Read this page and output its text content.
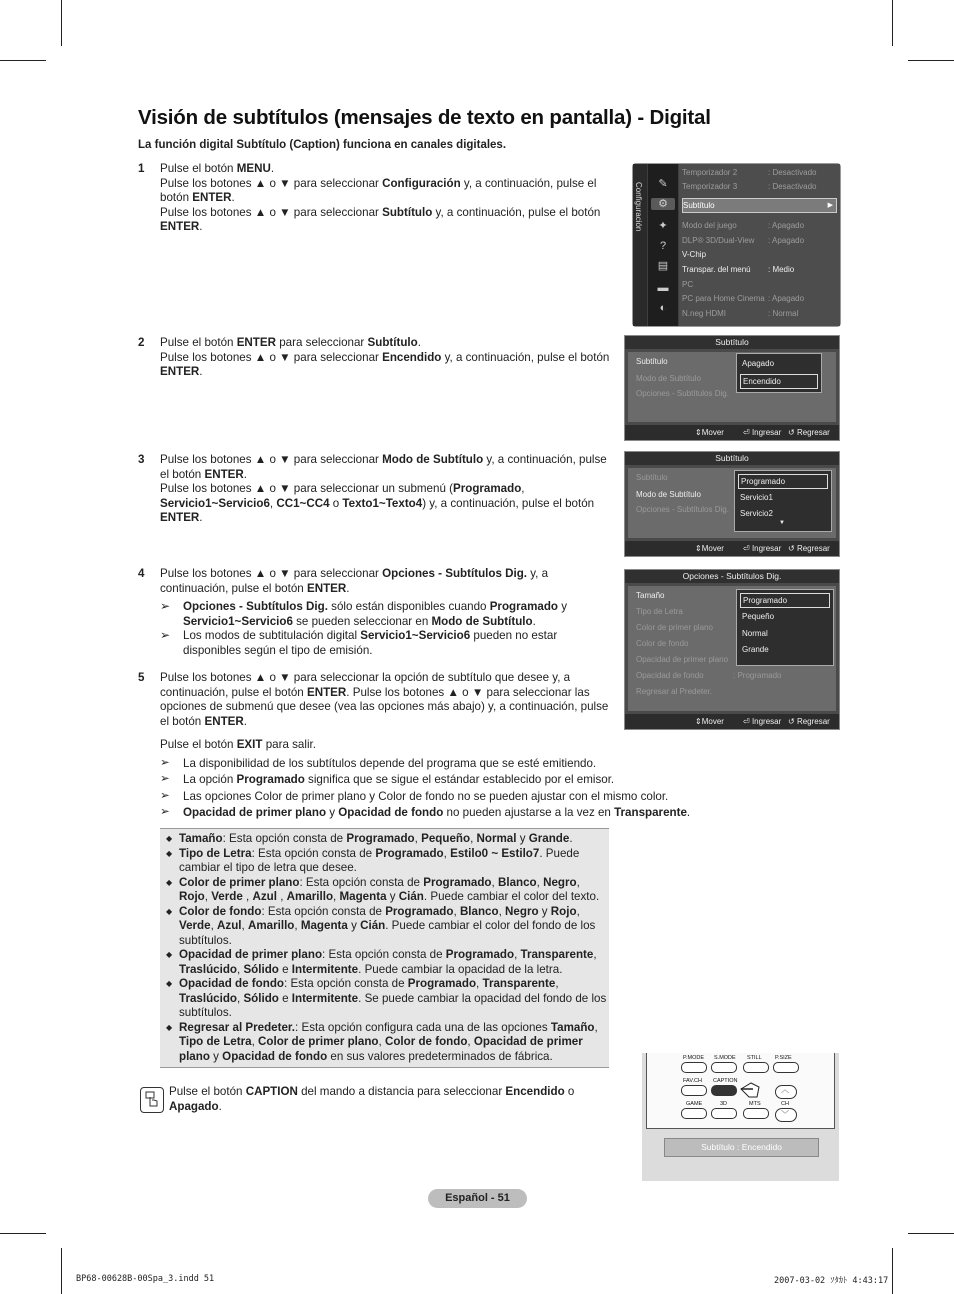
Visión de subtítulos (mensajes de texto en pantalla) - Digital
La función digital Subtítulo (Caption) funciona en canales digitales.
1 Pulse el botón MENU.
Pulse los botones ▲ o ▼ para seleccionar Configuración y, a continuación, pulse el botón ENTER.
Pulse los botones ▲ o ▼ para seleccionar Subtítulo y, a continuación, pulse el botón ENTER.
2 Pulse el botón ENTER para seleccionar Subtítulo.
Pulse los botones ▲ o ▼ para seleccionar Encendido y, a continuación, pulse el botón ENTER.
3 Pulse los botones ▲ o ▼ para seleccionar Modo de Subtítulo y, a continuación, pulse el botón ENTER.
Pulse los botones ▲ o ▼ para seleccionar un submenú (Programado, Servicio1~Servicio6, CC1~CC4 o Texto1~Texto4) y, a continuación, pulse el botón ENTER.
4 Pulse los botones ▲ o ▼ para seleccionar Opciones - Subtítulos Dig. y, a continuación, pulse el botón ENTER.
➢ Opciones - Subtítulos Dig. sólo están disponibles cuando Programado y Servicio1~Servicio6 se pueden seleccionar en Modo de Subtítulo.
➢ Los modos de subtitulación digital Servicio1~Servicio6 pueden no estar disponibles según el tipo de emisión.
5 Pulse los botones ▲ o ▼ para seleccionar la opción de subtítulo que desee y, a continuación, pulse el botón ENTER. Pulse los botones ▲ o ▼ para seleccionar las opciones de submenú que desee (vea las opciones más abajo) y, a continuación, pulse el botón ENTER.
Pulse el botón EXIT para salir.
➢ La disponibilidad de los subtítulos depende del programa que se esté emitiendo.
➢ La opción Programado significa que se sigue el estándar establecido por el emisor.
➢ Las opciones Color de primer plano y Color de fondo no se pueden ajustar con el mismo color.
➢ Opacidad de primer plano y Opacidad de fondo no pueden ajustarse a la vez en Transparente.
◆ Tamaño: Esta opción consta de Programado, Pequeño, Normal y Grande.
◆ Tipo de Letra: Esta opción consta de Programado, Estilo0 ~ Estilo7. Puede cambiar el tipo de letra que desee.
◆ Color de primer plano: Esta opción consta de Programado, Blanco, Negro, Rojo, Verde , Azul , Amarillo, Magenta y Cián. Puede cambiar el color del texto.
◆ Color de fondo: Esta opción consta de Programado, Blanco, Negro y Rojo, Verde, Azul, Amarillo, Magenta y Cián. Puede cambiar el color del fondo de los subtítulos.
◆ Opacidad de primer plano: Esta opción consta de Programado, Transparente, Traslúcido, Sólido e Intermitente. Puede cambiar la opacidad de la letra.
◆ Opacidad de fondo: Esta opción consta de Programado, Transparente, Traslúcido, Sólido e Intermitente. Se puede cambiar la opacidad del fondo de los subtítulos.
◆ Regresar al Predeter.: Esta opción configura cada una de las opciones Tamaño, Tipo de Letra, Color de primer plano, Color de fondo, Opacidad de primer plano y Opacidad de fondo en sus valores predeterminados de fábrica.
Pulse el botón CAPTION del mando a distancia para seleccionar Encendido o Apagado.
Configuración ✎
⚙
✦
?
▤
▬
◐
Temporizador 2	: Desactivado
Temporizador 3	: Desactivado
Subtítulo	▶
Modo del juego	: Apagado
DLP® 3D/Dual-View : Apagado
V-Chip
Transpar. del menú : Medio
PC
PC para Home Cinema : Apagado
N.neg HDMI	: Normal
Subtítulo
Subtítulo
Modo de Subtítulo
Opciones - Subtítulos Dig.
Apagado
Encendido
⇕Mover ⏎ Ingresar ↺ Regresar
Subtítulo
Subtítulo
Modo de Subtítulo
Opciones - Subtítulos Dig.
Programado
Servicio1
Servicio2
▼
⇕Mover ⏎ Ingresar ↺ Regresar
Opciones - Subtítulos Dig.
Tamaño
Tipo de Letra
Color de primer plano
Color de fondo
Opacidad de primer plano
Opacidad de fondo	: Programado
Regresar al Predeter.
Programado
Pequeño
Normal
Grande
⇕Mover ⏎ Ingresar ↺ Regresar
P.MODE S.MODE STILL P.SIZE
FAV.CH CAPTION
︿
GAME	3D	MTS	CH
﹀
Subtítulo : Encendido
Español - 51
BP68-00628B-00Spa_3.indd 51	2007-03-02 ｿﾀｶﾄ 4:43:17
